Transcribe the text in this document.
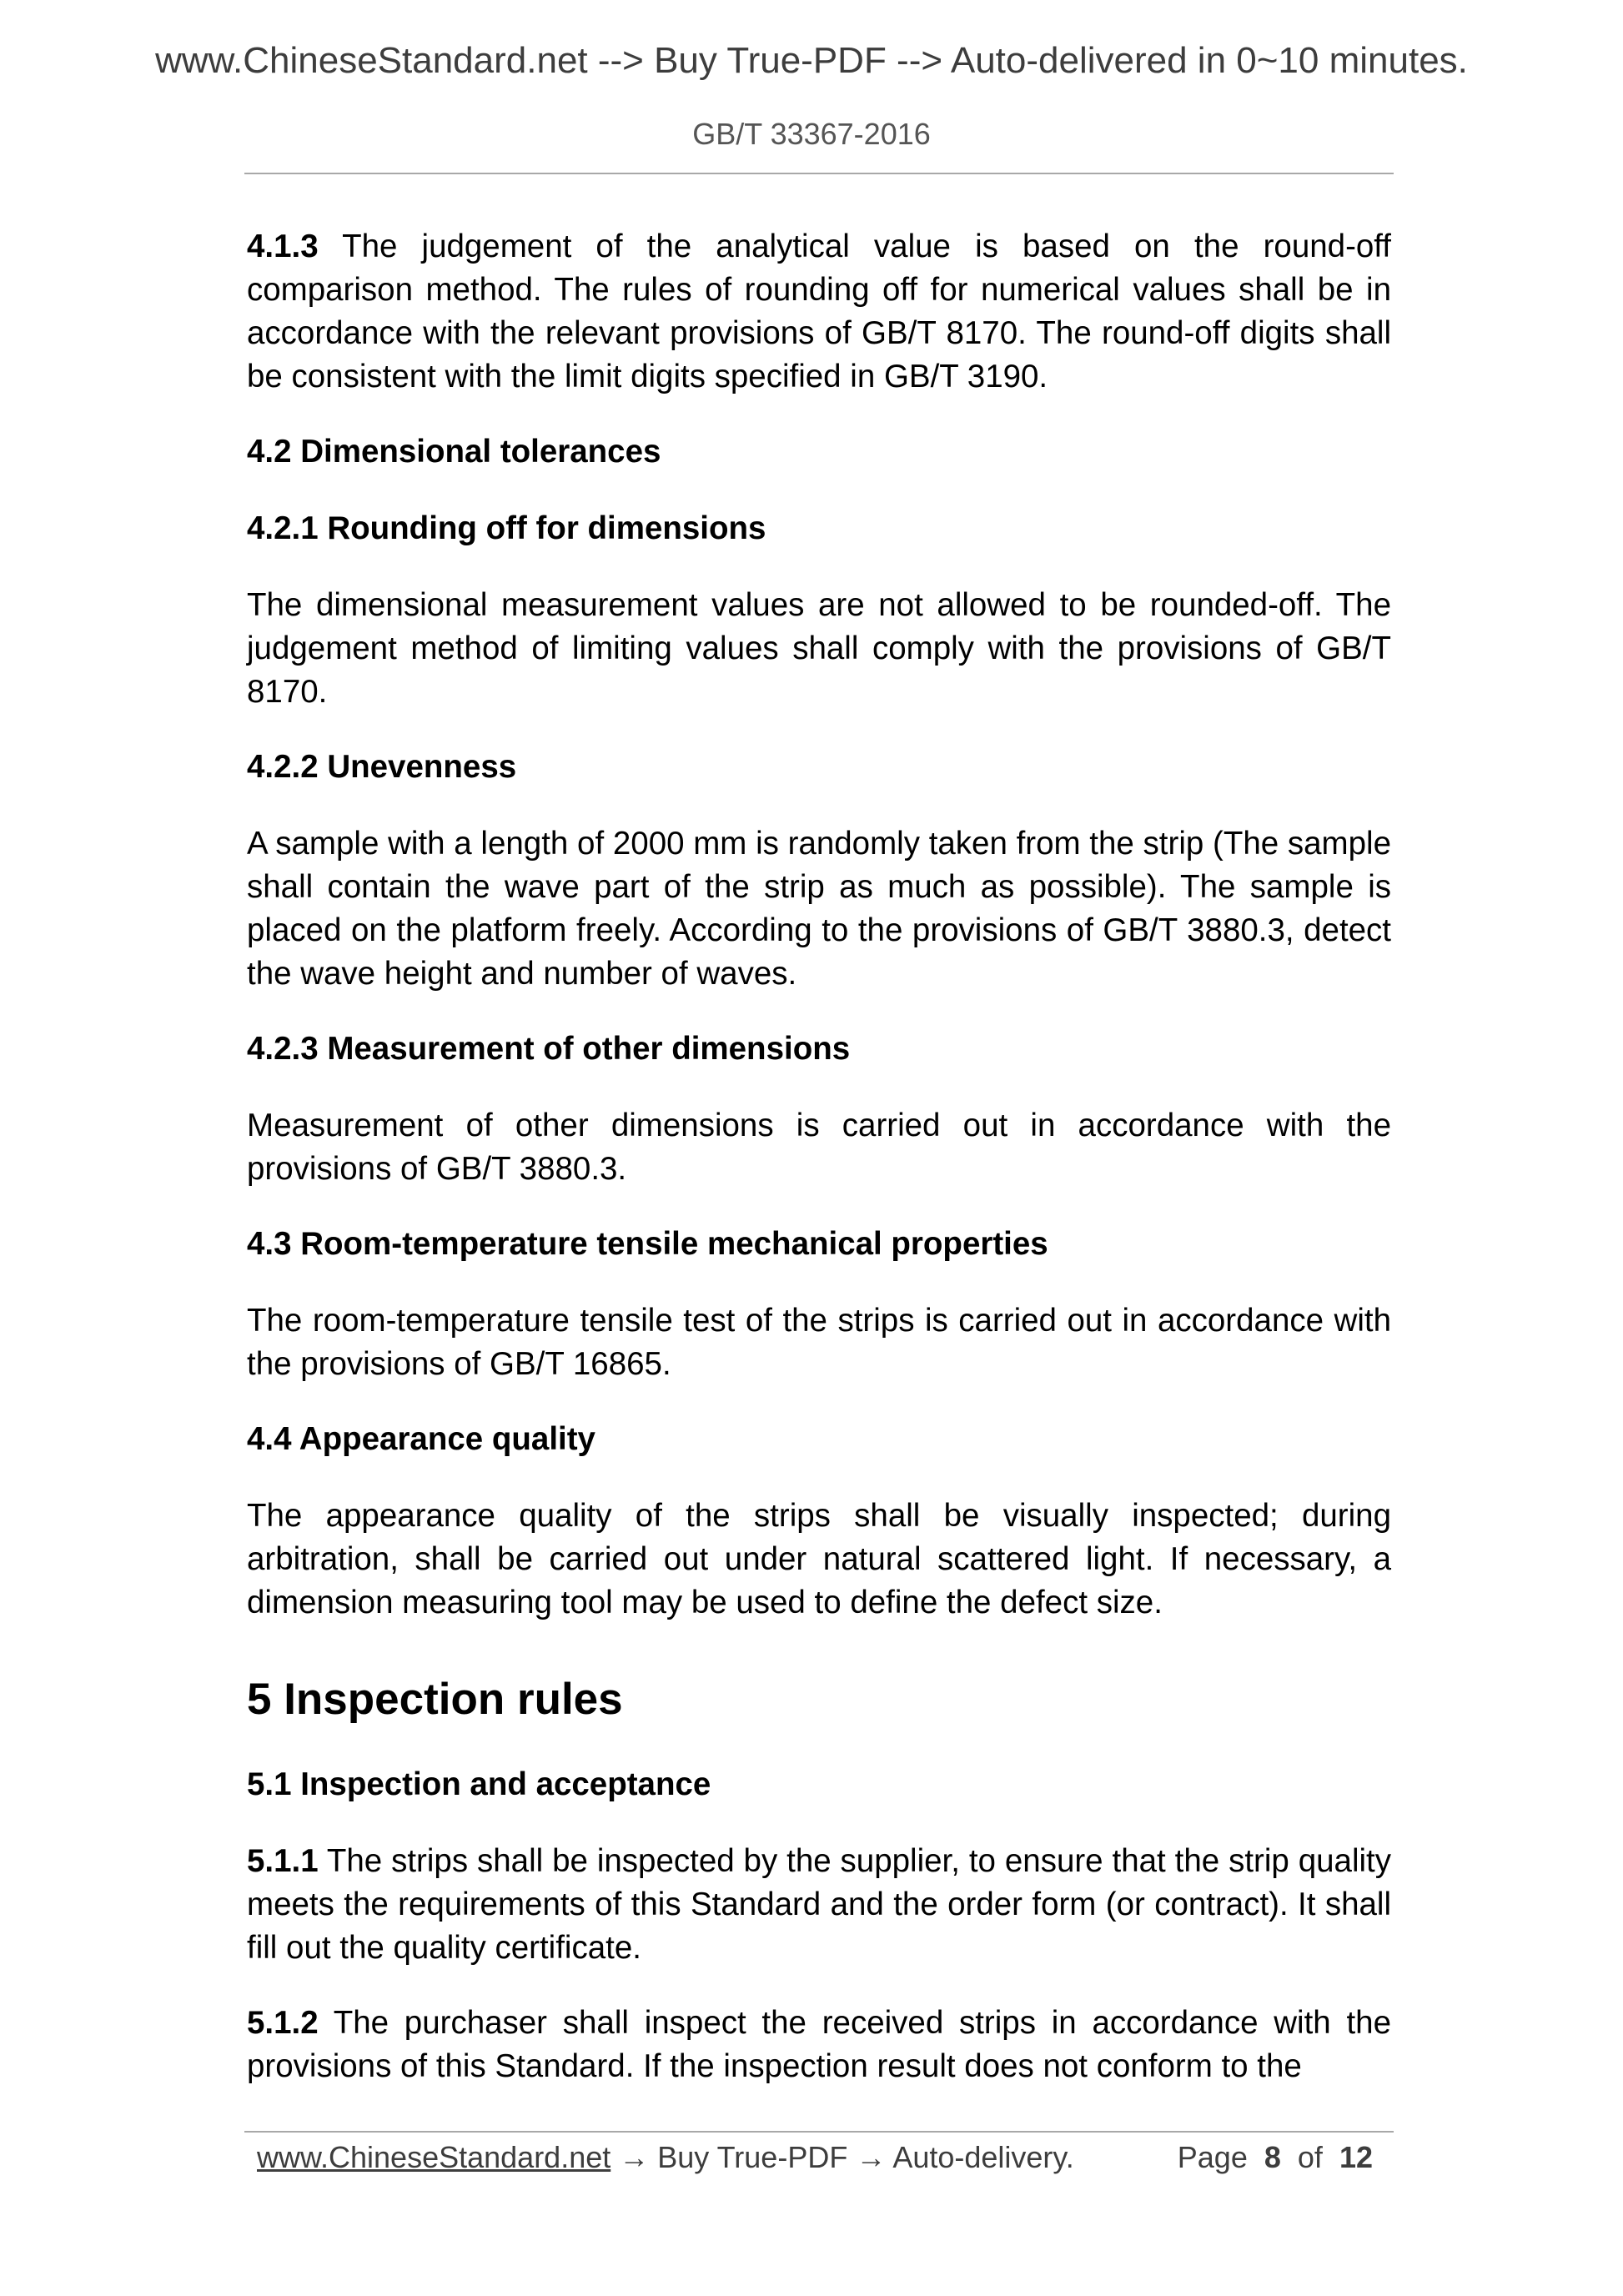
www.ChineseStandard.net --> Buy True-PDF --> Auto-delivered in 0~10 minutes.
GB/T 33367-2016

4.1.3 The judgement of the analytical value is based on the round-off comparison method. The rules of rounding off for numerical values shall be in accordance with the relevant provisions of GB/T 8170. The round-off digits shall be consistent with the limit digits specified in GB/T 3190.

4.2 Dimensional tolerances
4.2.1 Rounding off for dimensions

The dimensional measurement values are not allowed to be rounded-off. The judgement method of limiting values shall comply with the provisions of GB/T 8170.

4.2.2 Unevenness

A sample with a length of 2000 mm is randomly taken from the strip (The sample shall contain the wave part of the strip as much as possible). The sample is placed on the platform freely. According to the provisions of GB/T 3880.3, detect the wave height and number of waves.

4.2.3 Measurement of other dimensions

Measurement of other dimensions is carried out in accordance with the provisions of GB/T 3880.3.

4.3 Room-temperature tensile mechanical properties

The room-temperature tensile test of the strips is carried out in accordance with the provisions of GB/T 16865.

4.4 Appearance quality

The appearance quality of the strips shall be visually inspected; during arbitration, shall be carried out under natural scattered light. If necessary, a dimension measuring tool may be used to define the defect size.

5 Inspection rules
5.1 Inspection and acceptance

5.1.1 The strips shall be inspected by the supplier, to ensure that the strip quality meets the requirements of this Standard and the order form (or contract). It shall fill out the quality certificate.

5.1.2 The purchaser shall inspect the received strips in accordance with the provisions of this Standard. If the inspection result does not conform to the

www.ChineseStandard.net → Buy True-PDF → Auto-delivery.	Page 8 of 12
